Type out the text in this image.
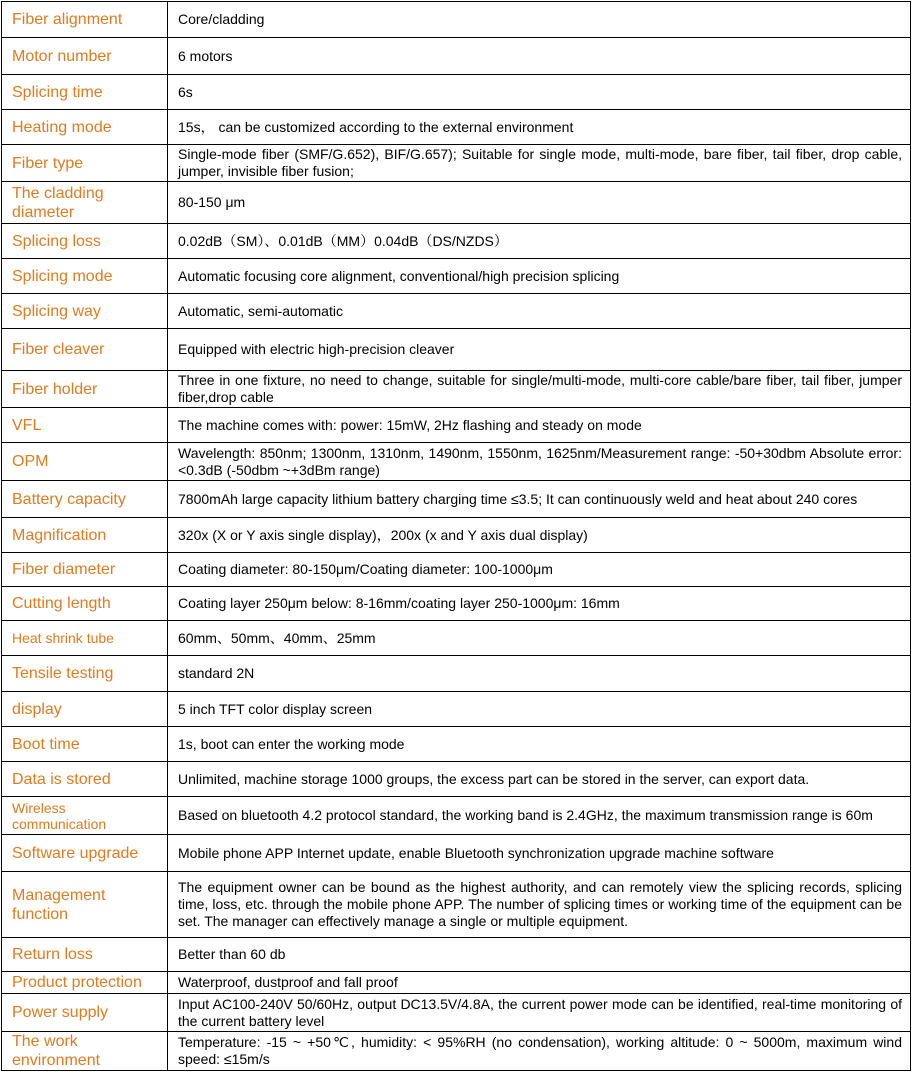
Fiber alignment	Core/cladding
Motor number	6 motors
Splicing time	6s
Heating mode	15s， can be customized according to the external environment
Fiber type	Single-mode fiber (SMF/G.652), BIF/G.657); Suitable for single mode, multi-mode, bare fiber, tail fiber, drop cable, jumper, invisible fiber fusion;
The cladding diameter	80-150 μm
Splicing loss	0.02dB（SM）、0.01dB（MM）0.04dB（DS/NZDS）
Splicing mode	Automatic focusing core alignment, conventional/high precision splicing
Splicing way	Automatic, semi-automatic
Fiber cleaver	Equipped with electric high-precision cleaver
Fiber holder	Three in one fixture, no need to change, suitable for single/multi-mode, multi-core cable/bare fiber, tail fiber, jumper fiber,drop cable
VFL	The machine comes with: power: 15mW, 2Hz flashing and steady on mode
OPM	Wavelength: 850nm; 1300nm, 1310nm, 1490nm, 1550nm, 1625nm/Measurement range: -50+30dbm Absolute error: <0.3dB (-50dbm ~+3dBm range)
Battery capacity	7800mAh large capacity lithium battery charging time ≤3.5; It can continuously weld and heat about 240 cores
Magnification	320x (X or Y axis single display)，200x (x and Y axis dual display)
Fiber diameter	Coating diameter: 80-150μm/Coating diameter: 100-1000μm
Cutting length	Coating layer 250μm below: 8-16mm/coating layer 250-1000μm: 16mm
Heat shrink tube	60mm、50mm、40mm、25mm
Tensile testing	standard 2N
display	5 inch TFT color display screen
Boot time	1s, boot can enter the working mode
Data is stored	Unlimited, machine storage 1000 groups, the excess part can be stored in the server, can export data.
Wireless communication	Based on bluetooth 4.2 protocol standard, the working band is 2.4GHz, the maximum transmission range is 60m
Software upgrade	Mobile phone APP Internet update, enable Bluetooth synchronization upgrade machine software
Management function	The equipment owner can be bound as the highest authority, and can remotely view the splicing records, splicing time, loss, etc. through the mobile phone APP. The number of splicing times or working time of the equipment can be set. The manager can effectively manage a single or multiple equipment.
Return loss	Better than 60 db
Product protection	Waterproof, dustproof and fall proof
Power supply	Input AC100-240V 50/60Hz, output DC13.5V/4.8A, the current power mode can be identified, real-time monitoring of the current battery level
The work environment	Temperature: -15 ~ +50℃, humidity: < 95%RH (no condensation), working altitude: 0 ~ 5000m, maximum wind speed: ≤15m/s
